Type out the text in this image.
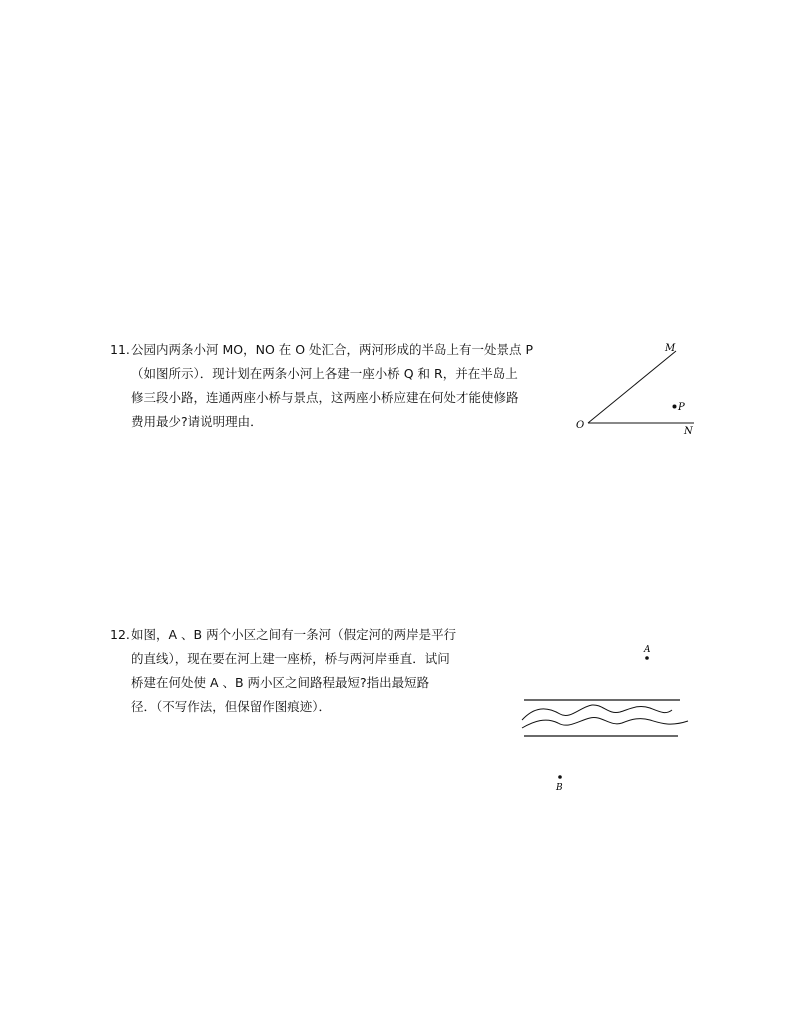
11. 公园内两条小河 MO，NO 在 O 处汇合，两河形成的半岛上有一处景点 P

（如图所示）．现计划在两条小河上各建一座小桥 Q 和 R，并在半岛上

修三段小路，连通两座小桥与景点，这两座小桥应建在何处才能使修路

费用最少?请说明理由．

M
P
O
N
12. 如图，A 、B 两个小区之间有一条河（假定河的两岸是平行

的直线），现在要在河上建一座桥，桥与两河岸垂直．试问

桥建在何处使 A 、B 两小区之间路程最短?指出最短路

径．（不写作法，但保留作图痕迹）．

A
B
